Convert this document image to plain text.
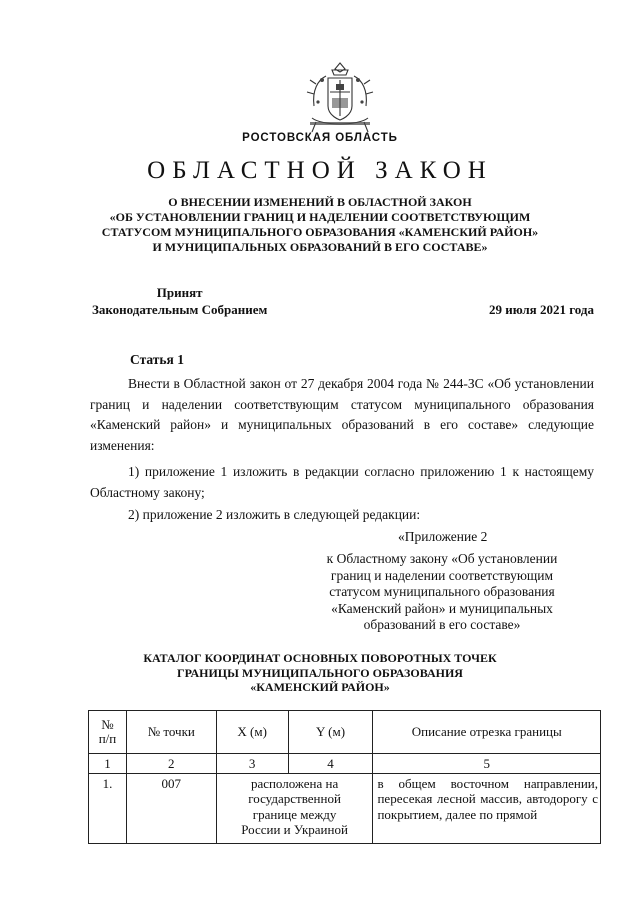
РОСТОВСКАЯ ОБЛАСТЬ
ОБЛАСТНОЙ ЗАКОН
О ВНЕСЕНИИ ИЗМЕНЕНИЙ В ОБЛАСТНОЙ ЗАКОН
«ОБ УСТАНОВЛЕНИИ ГРАНИЦ И НАДЕЛЕНИИ СООТВЕТСТВУЮЩИМ
СТАТУСОМ МУНИЦИПАЛЬНОГО ОБРАЗОВАНИЯ «КАМЕНСКИЙ РАЙОН»
И МУНИЦИПАЛЬНЫХ ОБРАЗОВАНИЙ В ЕГО СОСТАВЕ»
Принят
Законодательным Собранием	29 июля 2021 года
Статья 1

Внести в Областной закон от 27 декабря 2004 года № 244-ЗС «Об установлении границ и наделении соответствующим статусом муниципального образования «Каменский район» и муниципальных образований в его составе» следующие изменения:

1) приложение 1 изложить в редакции согласно приложению 1 к настоящему Областному закону;

2) приложение 2 изложить в следующей редакции:

«Приложение 2
к Областному закону «Об установлении
границ и наделении соответствующим
статусом муниципального образования
«Каменский район» и муниципальных
образований в его составе»
КАТАЛОГ КООРДИНАТ ОСНОВНЫХ ПОВОРОТНЫХ ТОЧЕК
ГРАНИЦЫ МУНИЦИПАЛЬНОГО ОБРАЗОВАНИЯ
«КАМЕНСКИЙ РАЙОН»
№
п/п	№ точки	X (м)	Y (м)	Описание отрезка границы
1	2	3	4	5
1.	007	расположена на
государственной
границе между
России и Украиной		в общем восточном направлении, пересекая лесной массив, автодорогу с покрытием, далее по прямой
